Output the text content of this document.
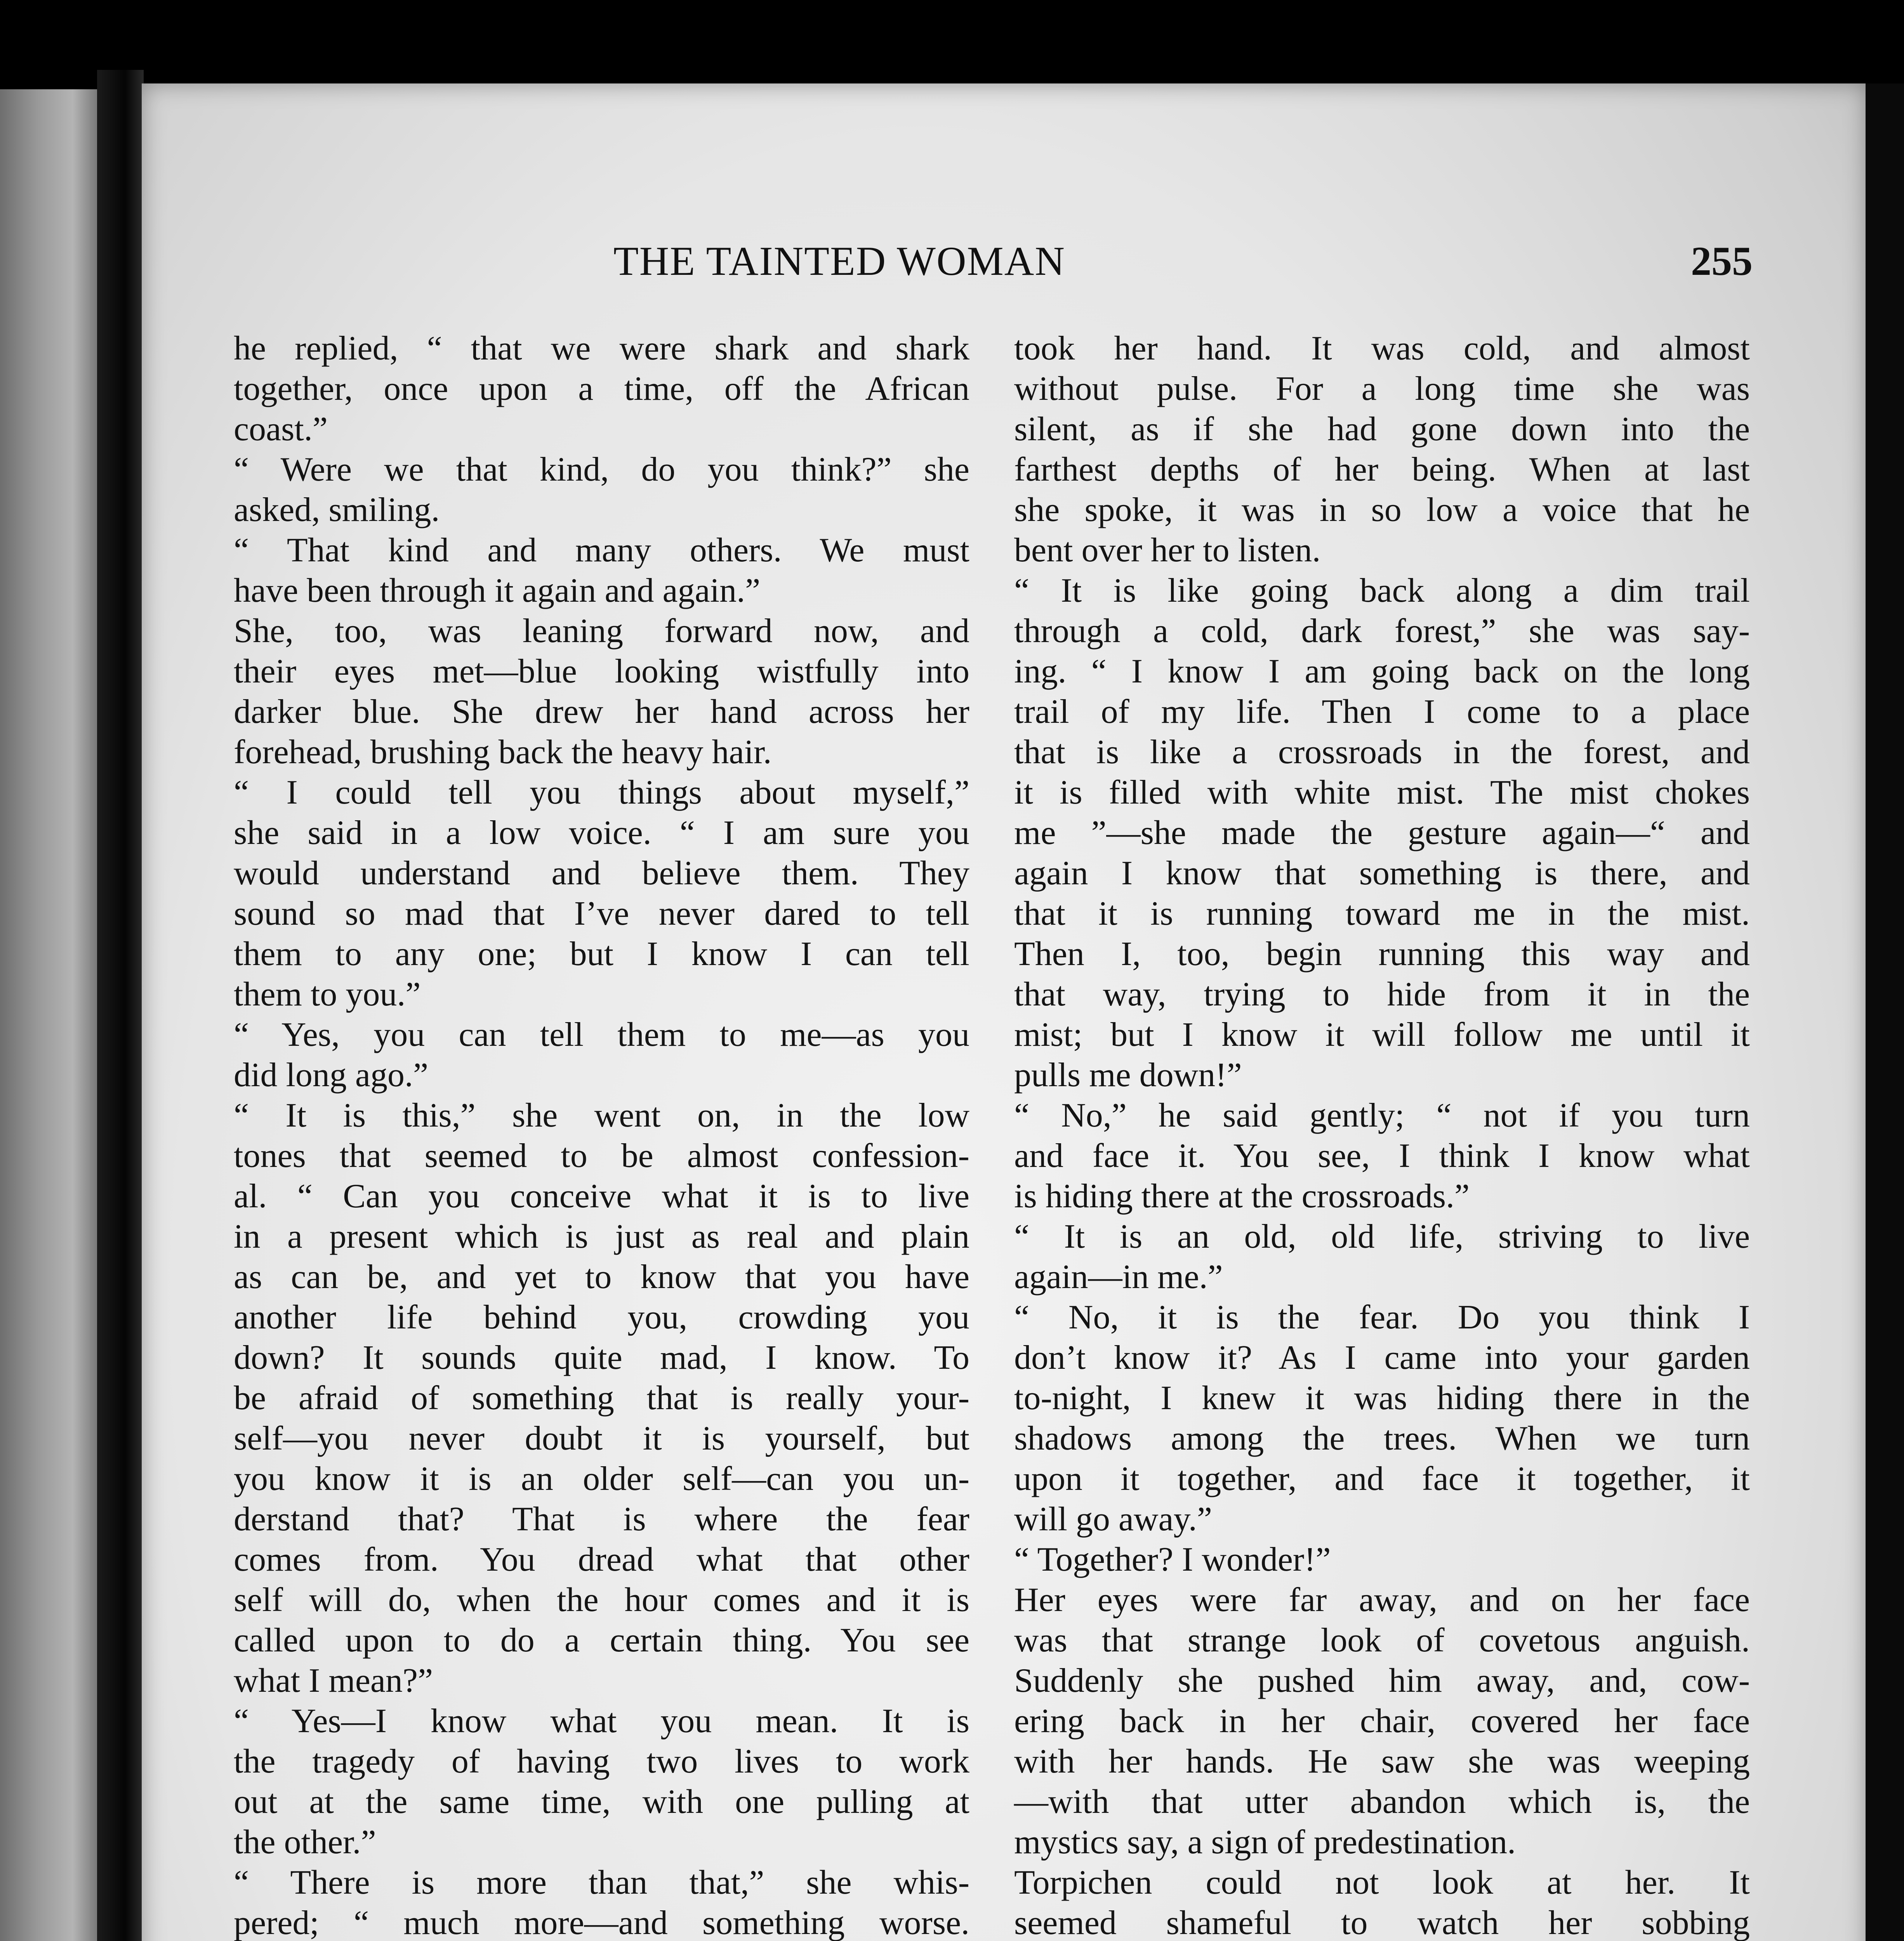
THE TAINTED WOMAN	255
he replied, “ that we were shark and shark
together, once upon a time, off the African
coast.”
“ Were we that kind, do you think?” she
asked, smiling.
“ That kind and many others. We must
have been through it again and again.”
She, too, was leaning forward now, and
their eyes met—blue looking wistfully into
darker blue. She drew her hand across her
forehead, brushing back the heavy hair.
“ I could tell you things about myself,”
she said in a low voice. “ I am sure you
would understand and believe them. They
sound so mad that I’ve never dared to tell
them to any one; but I know I can tell
them to you.”
“ Yes, you can tell them to me—as you
did long ago.”
“ It is this,” she went on, in the low
tones that seemed to be almost confession-
al. “ Can you conceive what it is to live
in a present which is just as real and plain
as can be, and yet to know that you have
another life behind you, crowding you
down? It sounds quite mad, I know. To
be afraid of something that is really your-
self—you never doubt it is yourself, but
you know it is an older self—can you un-
derstand that? That is where the fear
comes from. You dread what that other
self will do, when the hour comes and it is
called upon to do a certain thing. You see
what I mean?”
“ Yes—I know what you mean. It is
the tragedy of having two lives to work
out at the same time, with one pulling at
the other.”
“ There is more than that,” she whis-
pered; “ much more—and something worse.
took her hand. It was cold, and almost
without pulse. For a long time she was
silent, as if she had gone down into the
farthest depths of her being. When at last
she spoke, it was in so low a voice that he
bent over her to listen.
“ It is like going back along a dim trail
through a cold, dark forest,” she was say-
ing. “ I know I am going back on the long
trail of my life. Then I come to a place
that is like a crossroads in the forest, and
it is filled with white mist. The mist chokes
me ”—she made the gesture again—“ and
again I know that something is there, and
that it is running toward me in the mist.
Then I, too, begin running this way and
that way, trying to hide from it in the
mist; but I know it will follow me until it
pulls me down!”
“ No,” he said gently; “ not if you turn
and face it. You see, I think I know what
is hiding there at the crossroads.”
“ It is an old, old life, striving to live
again—in me.”
“ No, it is the fear. Do you think I
don’t know it? As I came into your garden
to-night, I knew it was hiding there in the
shadows among the trees. When we turn
upon it together, and face it together, it
will go away.”
“ Together? I wonder!”
Her eyes were far away, and on her face
was that strange look of covetous anguish.
Suddenly she pushed him away, and, cow-
ering back in her chair, covered her face
with her hands. He saw she was weeping
—with that utter abandon which is, the
mystics say, a sign of predestination.
Torpichen could not look at her. It
seemed shameful to watch her sobbing
